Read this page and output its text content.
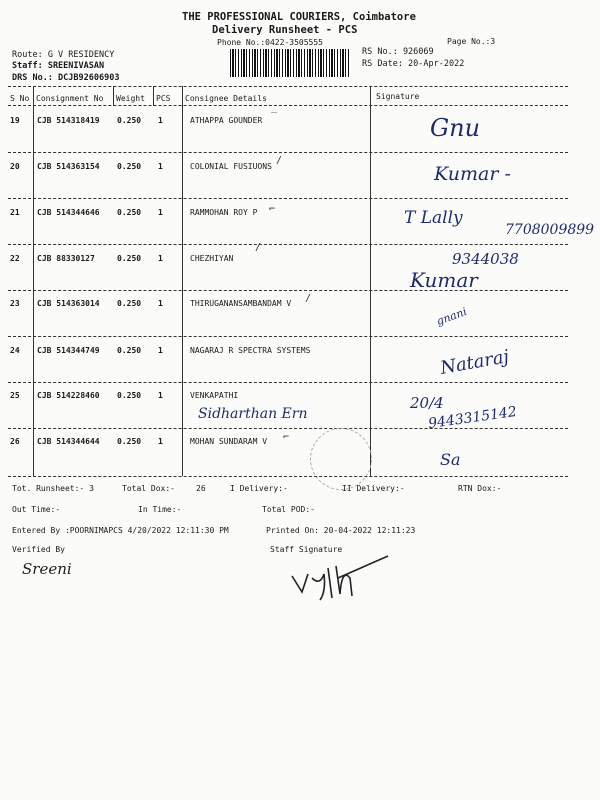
THE PROFESSIONAL COURIERS, Coimbatore
Delivery Runsheet - PCS
Phone No.:0422-3505555	Page No.:3
Route: G V RESIDENCY
Staff: SREENIVASAN
DRS No.: DCJB92606903
RS No.: 926069
RS Date: 20-Apr-2022
S No Consignment No Weight PCS Consignee Details	Signature
19 CJB 514318419 0.250 1	ATHAPPA GOUNDER ‾	Gnu
20 CJB 514363154 0.250 1	COLONIAL FUSIUONS
/
Kumar -
21 CJB 514344646 0.250 1	RAMMOHAN ROY P ⌐	T Lally
7708009899
22 CJB 88330127	0.250 1	CHEZHIYAN
/
9344038
Kumar
23 CJB 514363014 0.250 1	THIRUGANANSAMBANDAM V /
gnani
24 CJB 514344749 0.250 1	NAGARAJ R SPECTRA SYSTEMS	Nataraj
25 CJB 514228460 0.250 1	VENKAPATHI
Sidharthan Ern
20/4
9443315142
26 CJB 514344644 0.250 1	MOHAN SUNDARAM V ⌐
Sa
Tot. Runsheet:- 3	Total Dox:-	26	I Delivery:-	II Delivery:-	RTN Dox:-
Out Time:-	In Time:-	Total POD:-
Entered By :POORNIMAPCS 4/20/2022 12:11:30 PM	Printed On: 20-04-2022 12:11:23
Verified By	Staff Signature
Sreeni
